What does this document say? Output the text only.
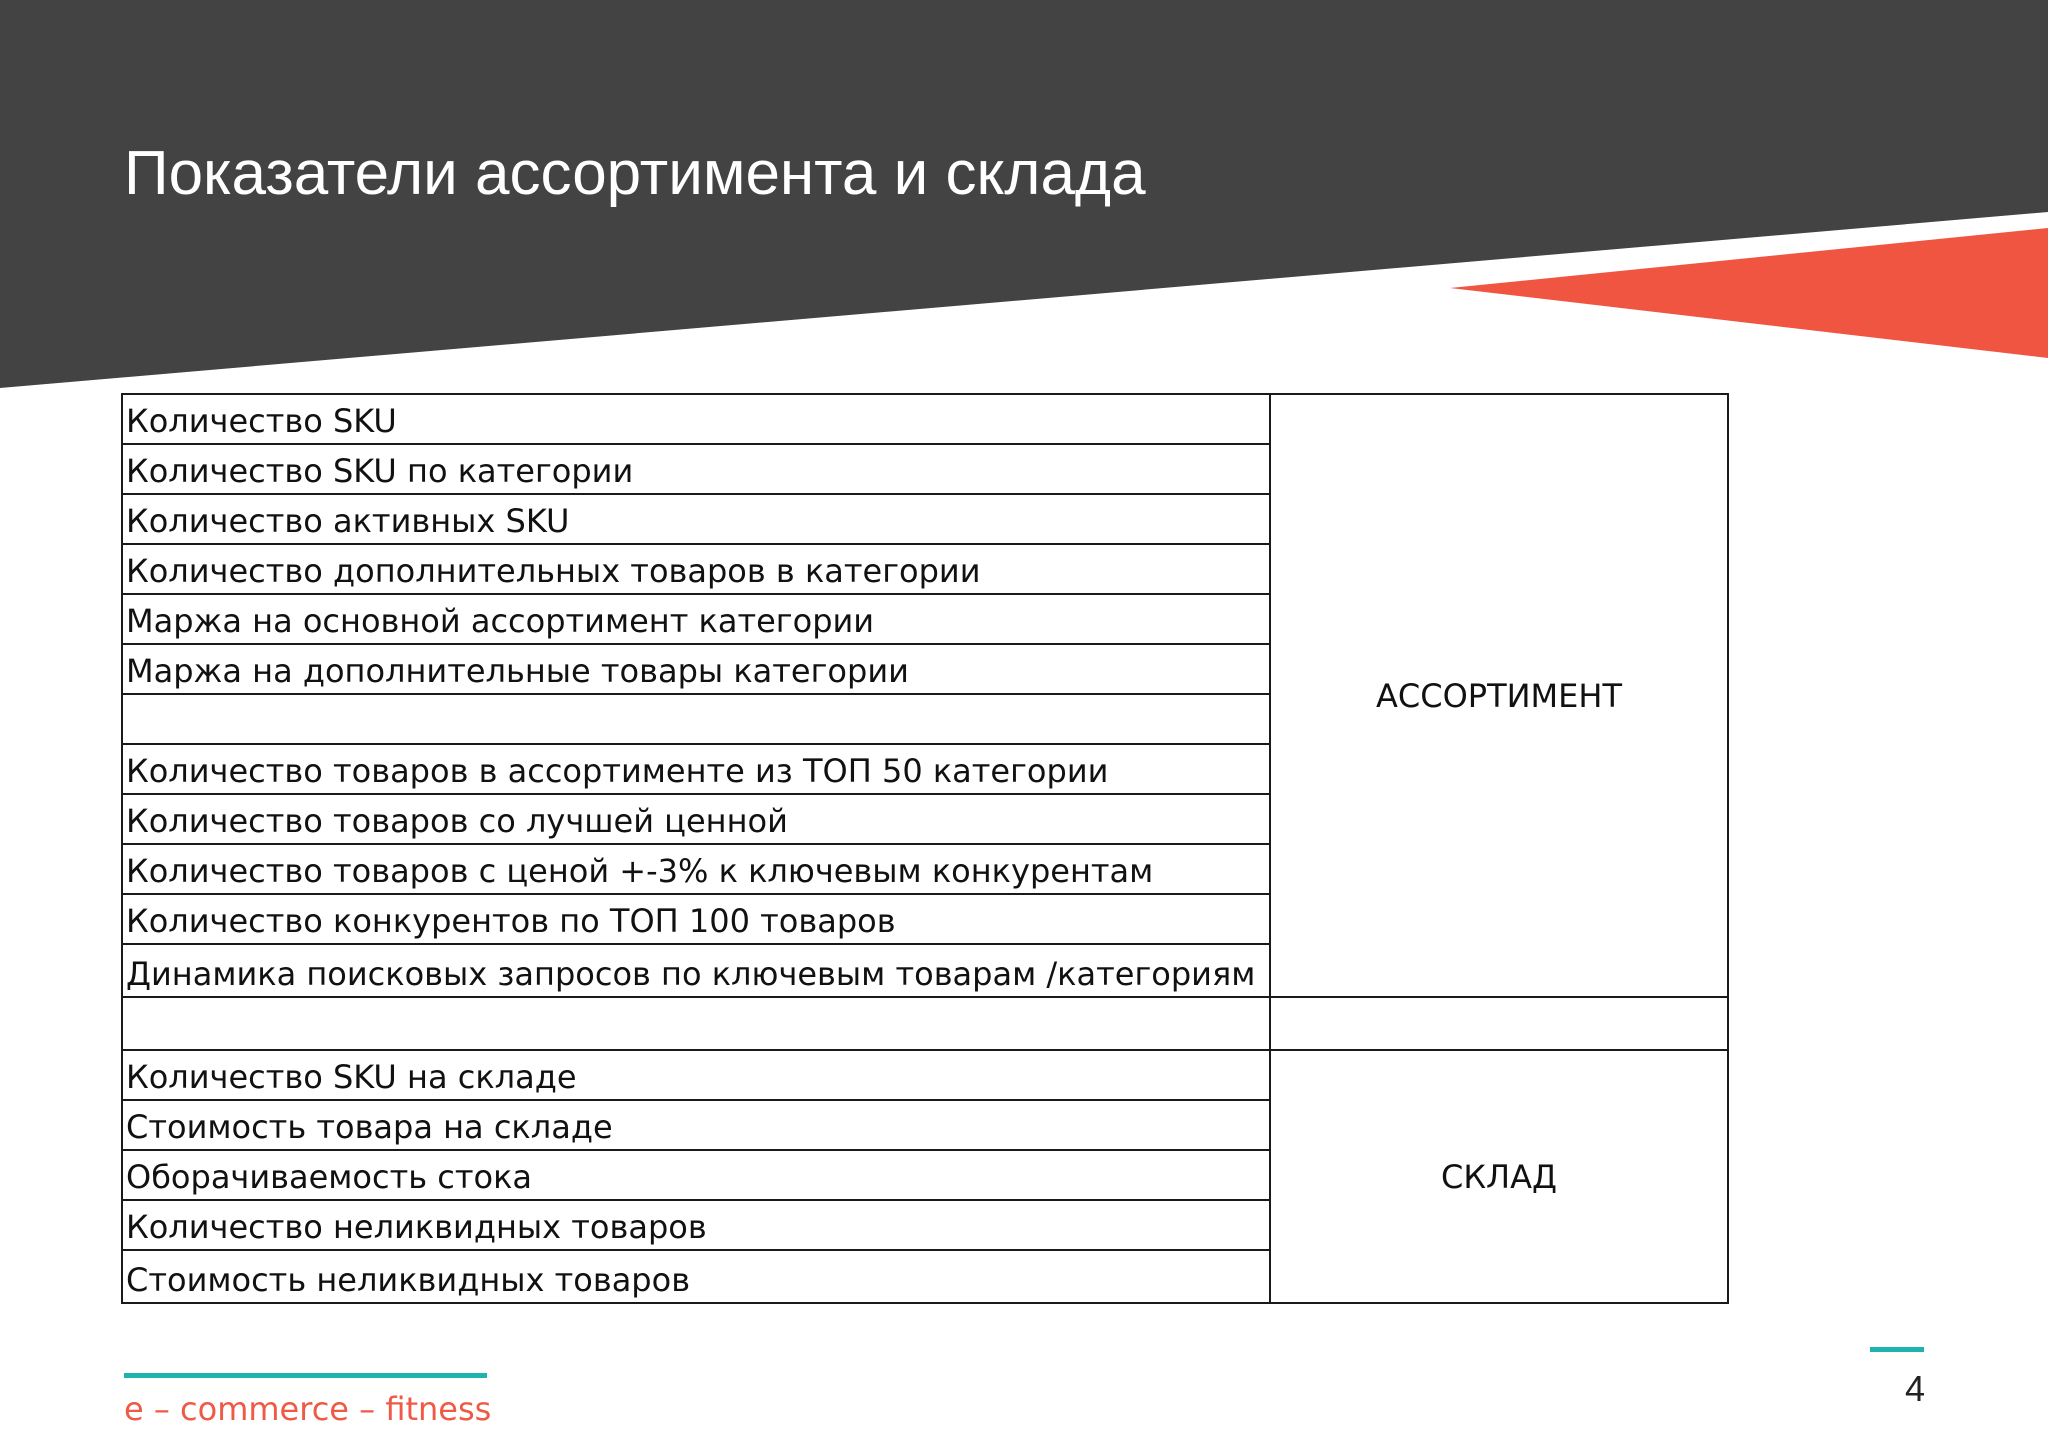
Показатели ассортимента и склада
Количество SKU	АССОРТИМЕНТ
Количество SKU по категории	
Количество активных SKU	
Количество дополнительных товаров в категории	
Маржа на основной ассортимент категории	
Маржа на дополнительные товары категории	

Количество товаров в ассортименте из ТОП 50 категории	
Количество товаров со лучшей ценной	
Количество товаров с ценой +-3% к ключевым конкурентам	
Количество конкурентов по ТОП 100 товаров	
Динамика поисковых запросов по ключевым товарам /категориям	

Количество SKU на складе	СКЛАД
Стоимость товара на складе	
Оборачиваемость стока	
Количество неликвидных товаров	
Стоимость неликвидных товаров	
e – commerce – fitness	4
